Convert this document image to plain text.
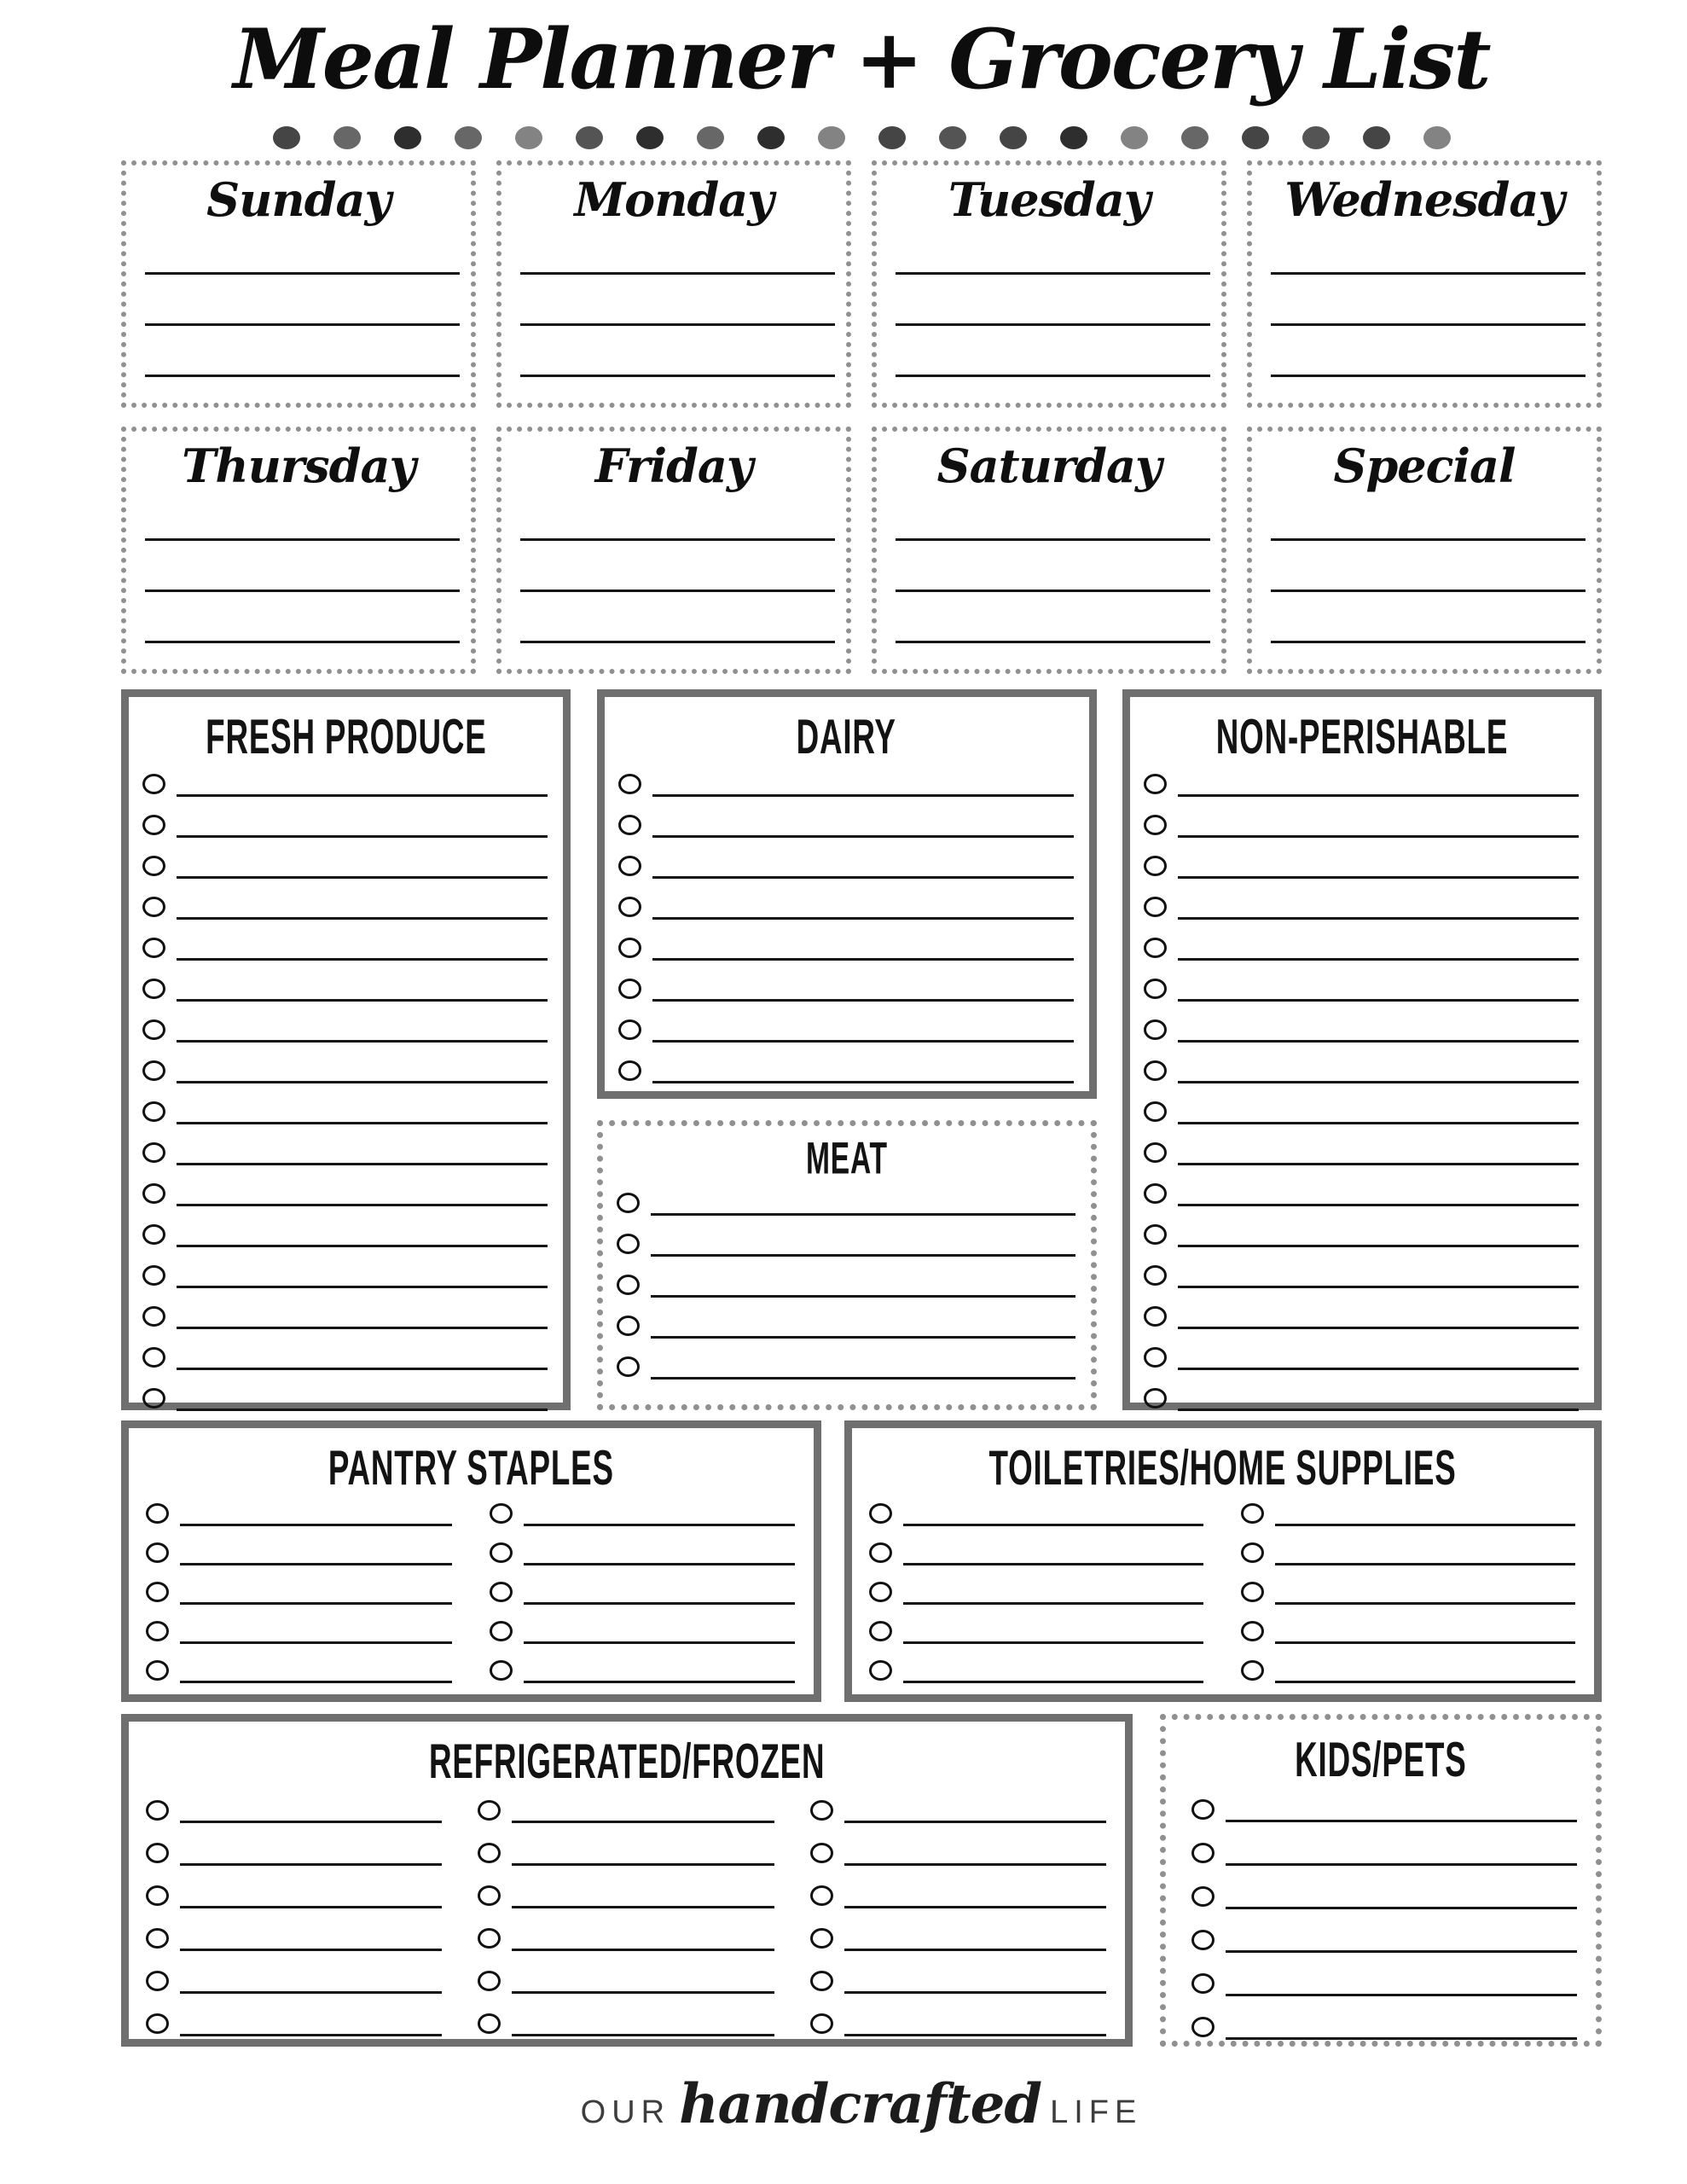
Meal Planner + Grocery List
Sunday	Monday	Tuesday	Wednesday
Thursday	Friday	Saturday	Special
FRESH PRODUCE	DAIRY
MEAT
NON-PERISHABLE
PANTRY STAPLES	TOILETRIES/HOME SUPPLIES
REFRIGERATED/FROZEN	KIDS/PETS
OUR handcrafted LIFE
